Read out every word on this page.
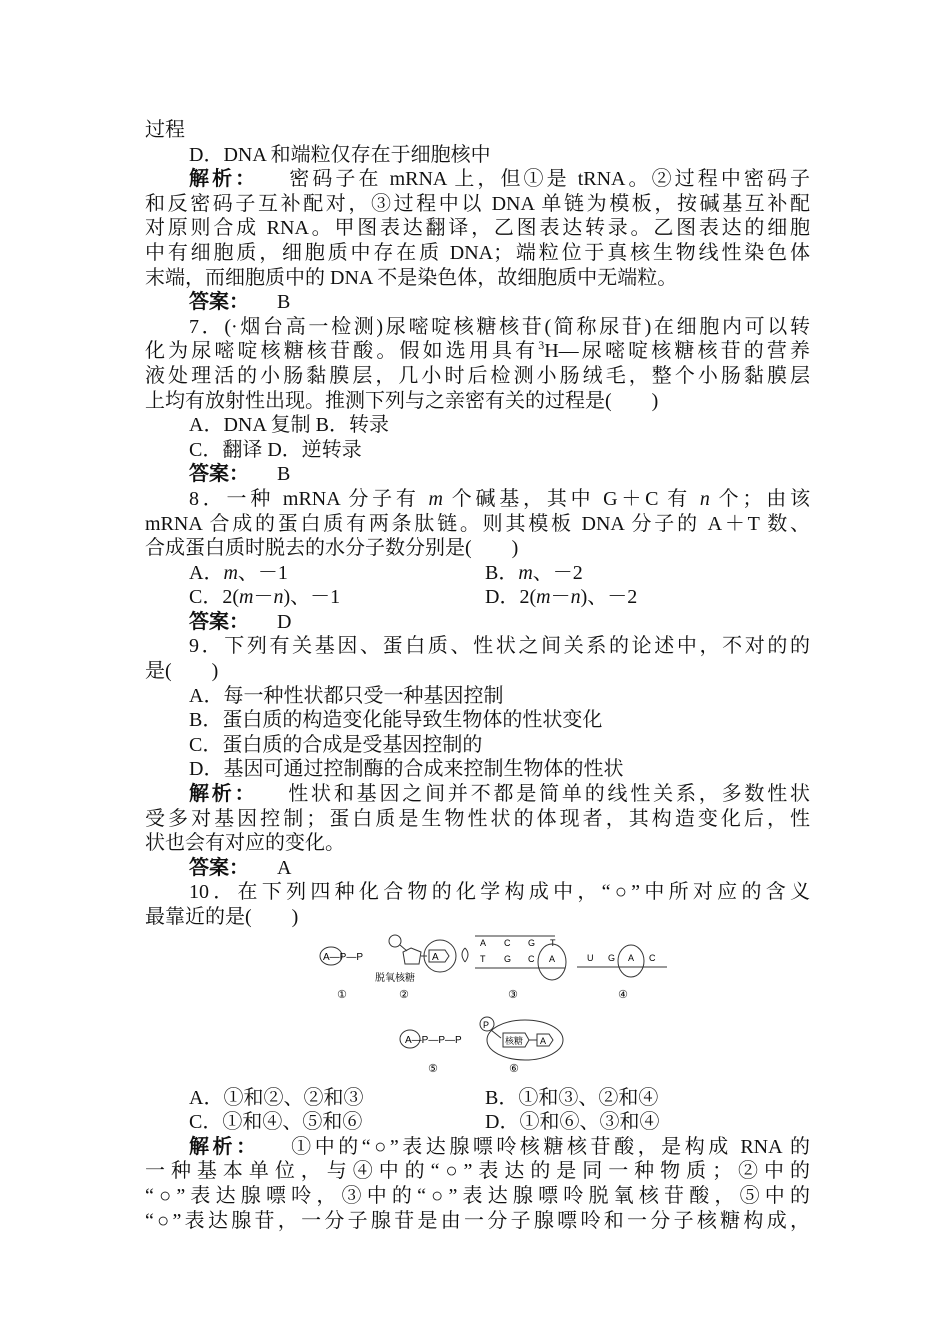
过程
D．DNA 和端粒仅存在于细胞核中
解析： 密码子在 mRNA 上，但①是 tRNA。②过程中密码子
和反密码子互补配对，③过程中以 DNA 单链为模板，按碱基互补配
对原则合成 RNA。甲图表达翻译，乙图表达转录。乙图表达的细胞
中有细胞质，细胞质中存在质 DNA；端粒位于真核生物线性染色体
末端，而细胞质中的 DNA 不是染色体，故细胞质中无端粒。
答案： B
7．(·烟台高一检测)尿嘧啶核糖核苷(简称尿苷)在细胞内可以转
化为尿嘧啶核糖核苷酸。假如选用具有$^3$H—尿嘧啶核糖核苷的营养
液处理活的小肠黏膜层，几小时后检测小肠绒毛，整个小肠黏膜层
上均有放射性出现。推测下列与之亲密有关的过程是(　　)
A．DNA 复制 B．转录
C．翻译 D．逆转录
答案： B
8．一种 mRNA 分子有 m 个碱基，其中 G＋C 有 n 个；由该
mRNA 合成的蛋白质有两条肽链。则其模板 DNA 分子的 A＋T 数、
合成蛋白质时脱去的水分子数分别是(　　)
A．m、－1	B．m、－2
C．2(m－n)、－1	D．2(m－n)、－2
答案： D
9．下列有关基因、蛋白质、性状之间关系的论述中，不对的的
是(　　)
A．每一种性状都只受一种基因控制
B．蛋白质的构造变化能导致生物体的性状变化
C．蛋白质的合成是受基因控制的
D．基因可通过控制酶的合成来控制生物体的性状
解析： 性状和基因之间并不都是简单的线性关系，多数性状
受多对基因控制；蛋白质是生物性状的体现者，其构造变化后，性
状也会有对应的变化。
答案： A
10．在下列四种化合物的化学构成中，“○”中所对应的含义
最靠近的是(　　)
A—P—P
①
A
脱氧核糖
②
A C G T
T G C A
③
U G A C
④
A—P—P—P
⑤
P
核糖 A
⑥
A．①和②、②和③	B．①和③、②和④
C．①和④、⑤和⑥	D．①和⑥、③和④
解析： ①中的“○”表达腺嘌呤核糖核苷酸，是构成 RNA 的
一种基本单位，与④中的“○”表达的是同一种物质；②中的
“○”表达腺嘌呤，③中的“○”表达腺嘌呤脱氧核苷酸，⑤中的
“○”表达腺苷，一分子腺苷是由一分子腺嘌呤和一分子核糖构成，
